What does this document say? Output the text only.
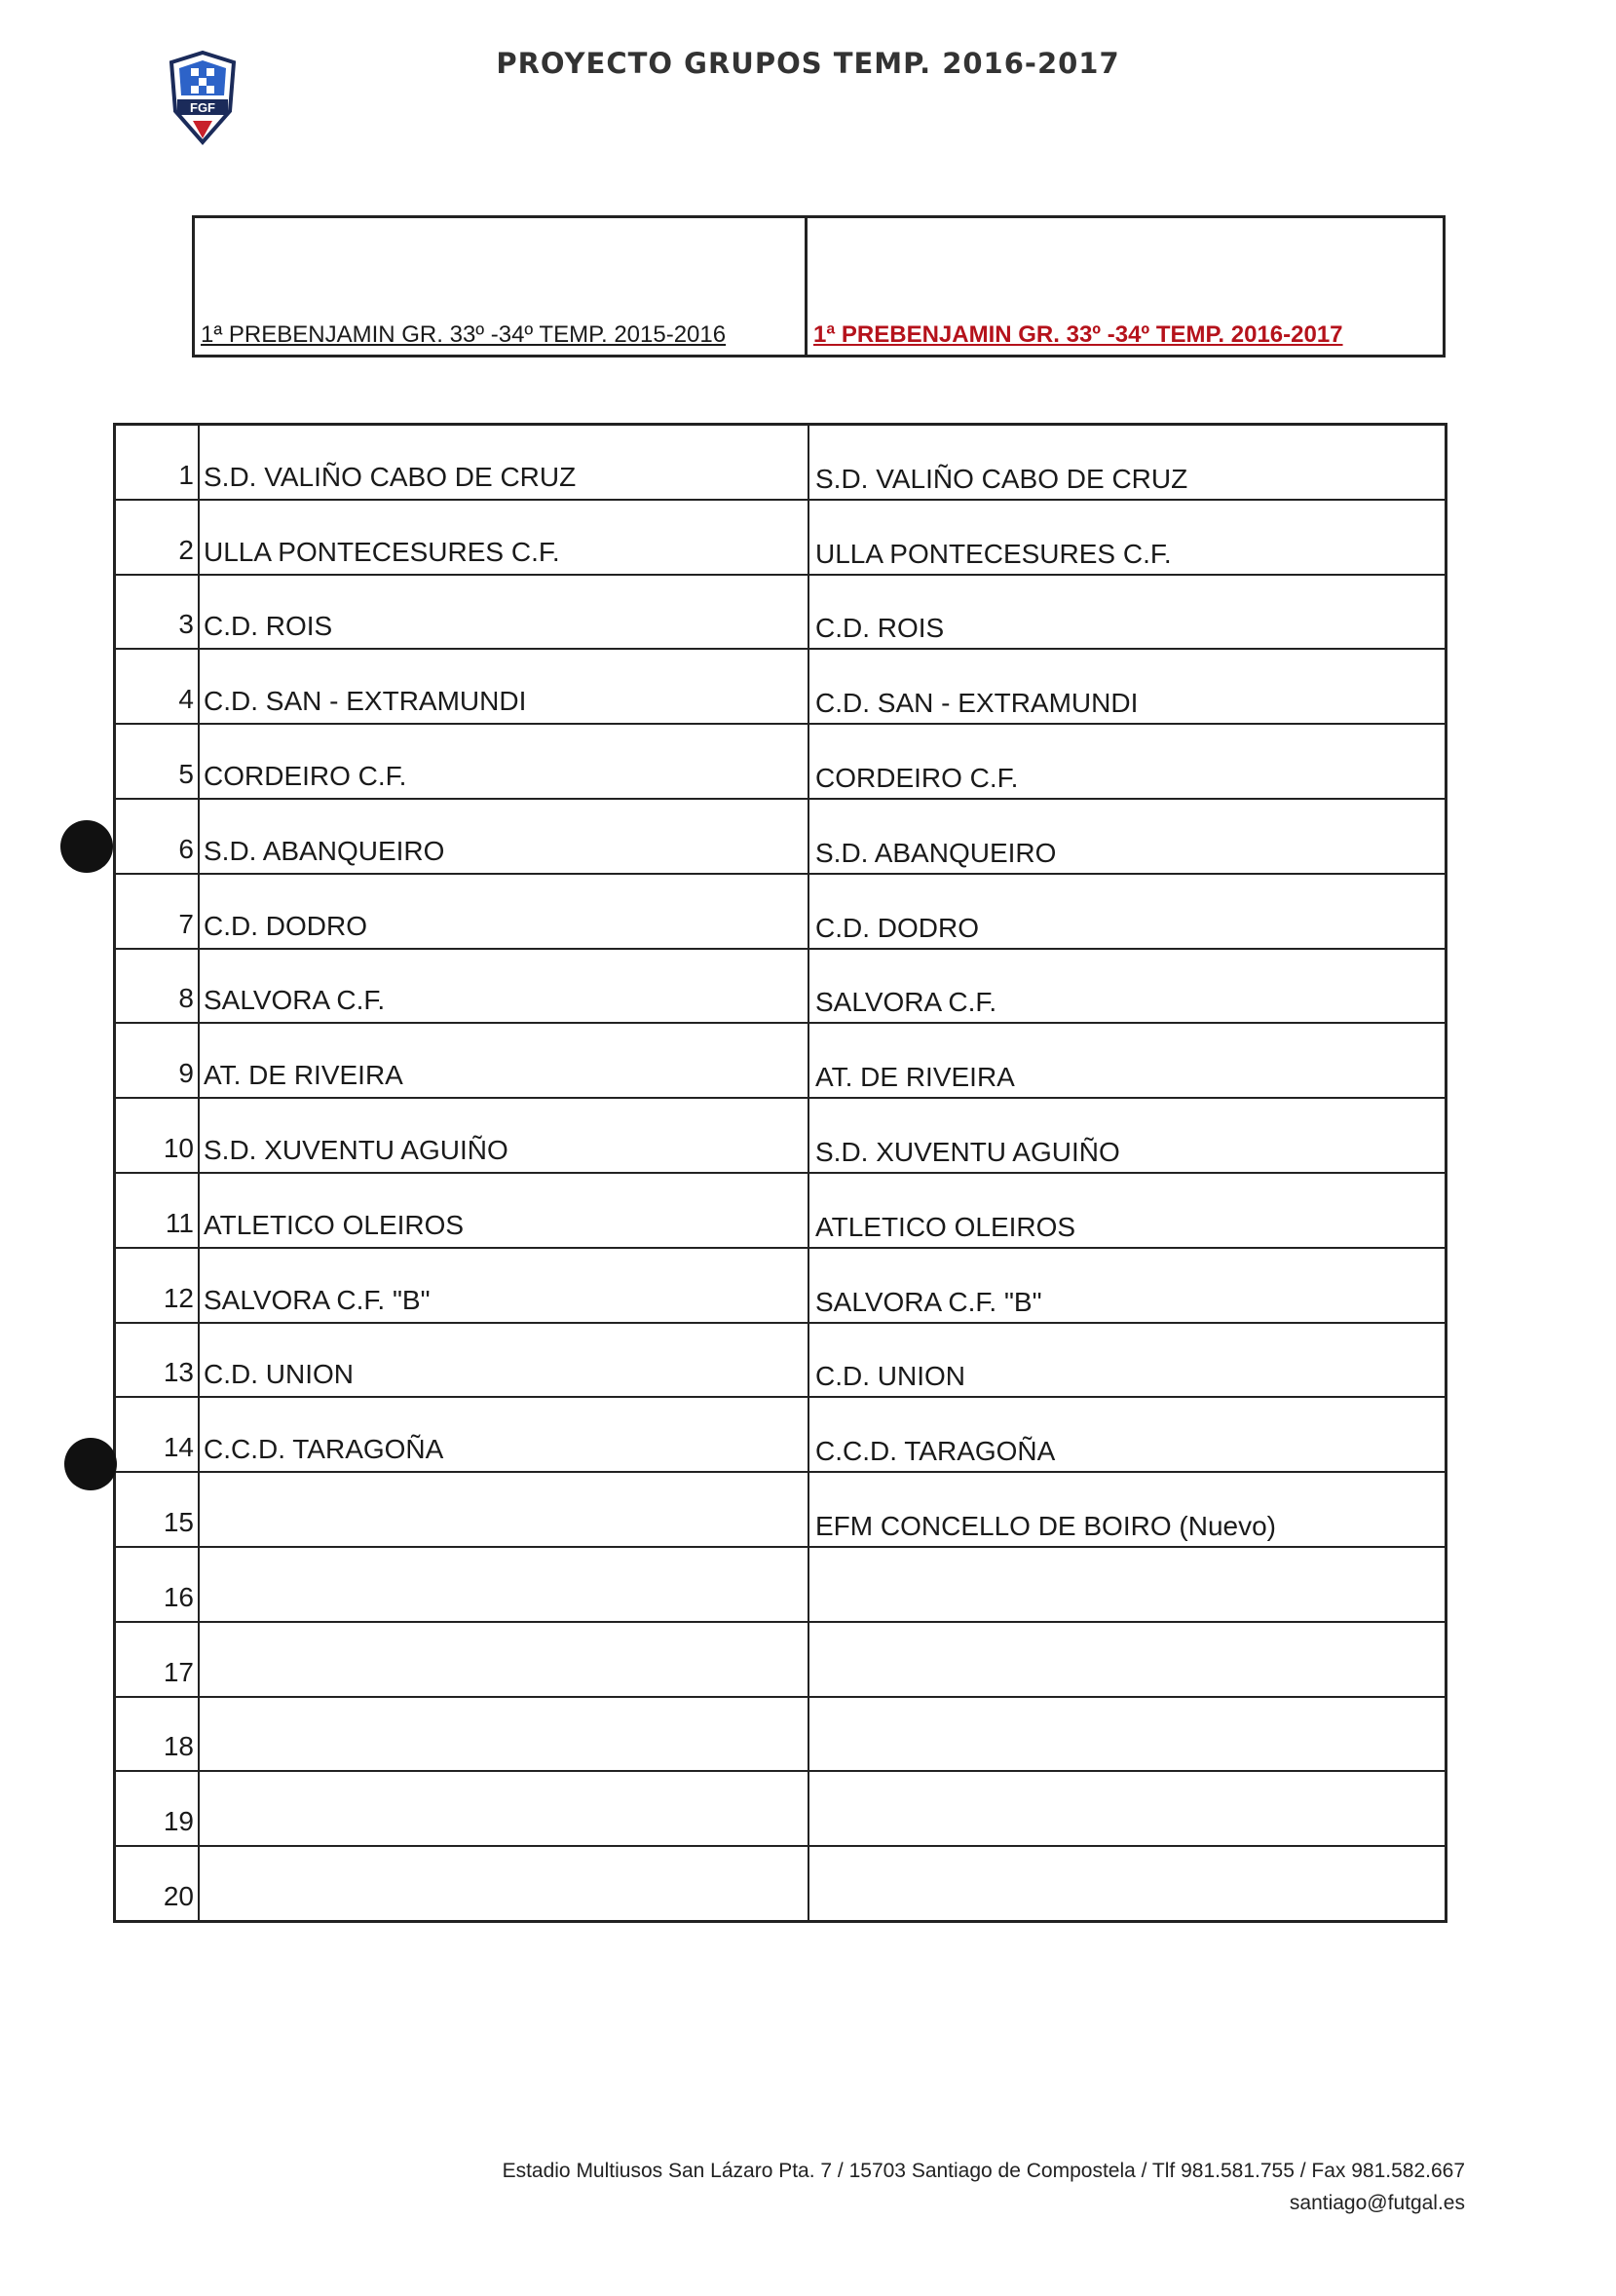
FGF
PROYECTO GRUPOS TEMP. 2016-2017
1ª PREBENJAMIN GR. 33º -34º TEMP. 2015-2016	1ª PREBENJAMIN GR. 33º -34º TEMP. 2016-2017
1	S.D. VALIÑO CABO DE CRUZ	S.D. VALIÑO CABO DE CRUZ
2	ULLA PONTECESURES C.F.	ULLA PONTECESURES C.F.
3	C.D. ROIS	C.D. ROIS
4	C.D. SAN - EXTRAMUNDI	C.D. SAN - EXTRAMUNDI
5	CORDEIRO C.F.	CORDEIRO C.F.
6	S.D. ABANQUEIRO	S.D. ABANQUEIRO
7	C.D. DODRO	C.D. DODRO
8	SALVORA C.F.	SALVORA C.F.
9	AT. DE RIVEIRA	AT. DE RIVEIRA
10	S.D. XUVENTU AGUIÑO	S.D. XUVENTU AGUIÑO
11	ATLETICO OLEIROS	ATLETICO OLEIROS
12	SALVORA C.F. "B"	SALVORA C.F. "B"
13	C.D. UNION	C.D. UNION
14	C.C.D. TARAGOÑA	C.C.D. TARAGOÑA
15		EFM CONCELLO DE BOIRO (Nuevo)
16		
17		
18		
19		
20		
Estadio Multiusos San Lázaro Pta. 7 / 15703 Santiago de Compostela / Tlf 981.581.755 / Fax 981.582.667
santiago@futgal.es
